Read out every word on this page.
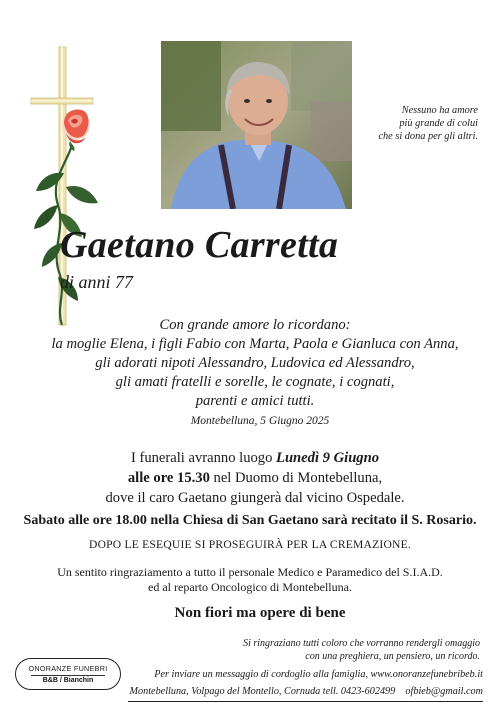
Nessuno ha amore
più grande di colui
che si dona per gli altri.
Gaetano Carretta
di anni 77
Con grande amore lo ricordano:
la moglie Elena, i figli Fabio con Marta, Paola e Gianluca con Anna,
gli adorati nipoti Alessandro, Ludovica ed Alessandro,
gli amati fratelli e sorelle, le cognate, i cognati,
parenti e amici tutti.
Montebelluna, 5 Giugno 2025
I funerali avranno luogo Lunedì 9 Giugno
alle ore 15.30 nel Duomo di Montebelluna,
dove il caro Gaetano giungerà dal vicino Ospedale.
Sabato alle ore 18.00 nella Chiesa di San Gaetano sarà recitato il S. Rosario.
DOPO LE ESEQUIE SI PROSEGUIRÀ PER LA CREMAZIONE.
Un sentito ringraziamento a tutto il personale Medico e Paramedico del S.I.A.D.
ed al reparto Oncologico di Montebelluna.
Non fiori ma opere di bene
Si ringraziano tutti coloro che vorranno rendergli omaggio
con una preghiera, un pensiero, un ricordo.
ONORANZE FUNEBRI
B&B / Bianchin
Per inviare un messaggio di cordoglio alla famiglia, www.onoranzefunebribeb.it
Montebelluna, Volpago del Montello, Cornuda tell. 0423-602499    ofbieb@gmail.com
